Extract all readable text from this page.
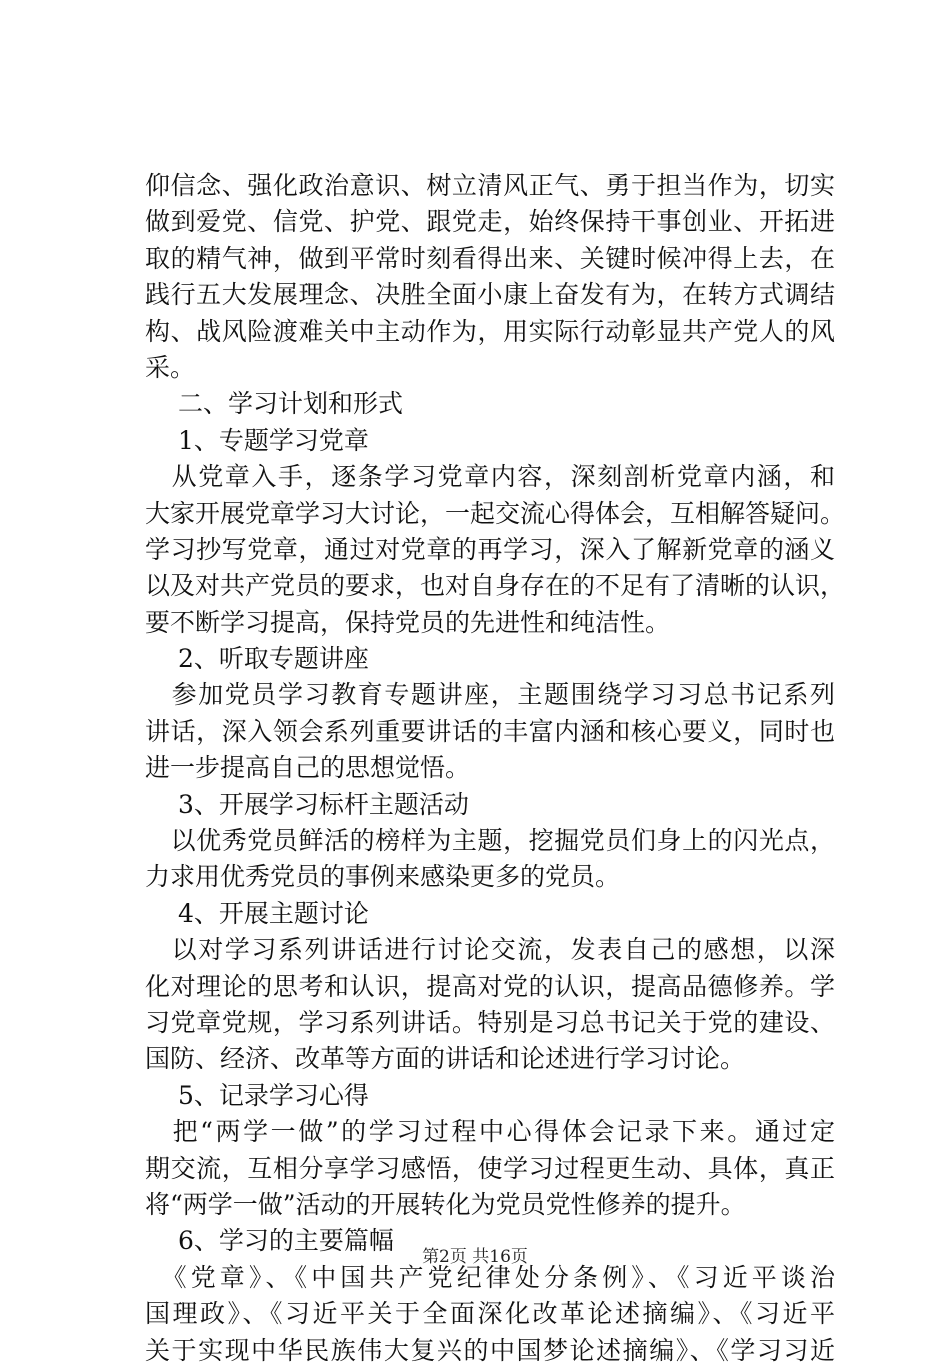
仰信念、强化政治意识、树立清风正气、勇于担当作为，切实
做到爱党、信党、护党、跟党走，始终保持干事创业、开拓进
取的精气神，做到平常时刻看得出来、关键时候冲得上去，在
践行五大发展理念、决胜全面小康上奋发有为，在转方式调结
构、战风险渡难关中主动作为，用实际行动彰显共产党人的风
采。
二、学习计划和形式
1、专题学习党章
　从党章入手，逐条学习党章内容，深刻剖析党章内涵，和
大家开展党章学习大讨论，一起交流心得体会，互相解答疑问。
学习抄写党章，通过对党章的再学习，深入了解新党章的涵义
以及对共产党员的要求，也对自身存在的不足有了清晰的认识，
要不断学习提高，保持党员的先进性和纯洁性。
2、听取专题讲座
　参加党员学习教育专题讲座，主题围绕学习习总书记系列
讲话，深入领会系列重要讲话的丰富内涵和核心要义，同时也
进一步提高自己的思想觉悟。
3、开展学习标杆主题活动
　以优秀党员鲜活的榜样为主题，挖掘党员们身上的闪光点，
力求用优秀党员的事例来感染更多的党员。
4、开展主题讨论
　以对学习系列讲话进行讨论交流，发表自己的感想，以深
化对理论的思考和认识，提高对党的认识，提高品德修养。学
习党章党规，学习系列讲话。特别是习总书记关于党的建设、
国防、经济、改革等方面的讲话和论述进行学习讨论。
5、记录学习心得
　把“两学一做”的学习过程中心得体会记录下来。通过定
期交流，互相分享学习感悟，使学习过程更生动、具体，真正
将“两学一做”活动的开展转化为党员党性修养的提升。
6、学习的主要篇幅
　《党章》、《中国共产党纪律处分条例》、《习近平谈治
国理政》、《习近平关于全面深化改革论述摘编》、《习近平
关于实现中华民族伟大复兴的中国梦论述摘编》、《学习习近
第2页 共16页
